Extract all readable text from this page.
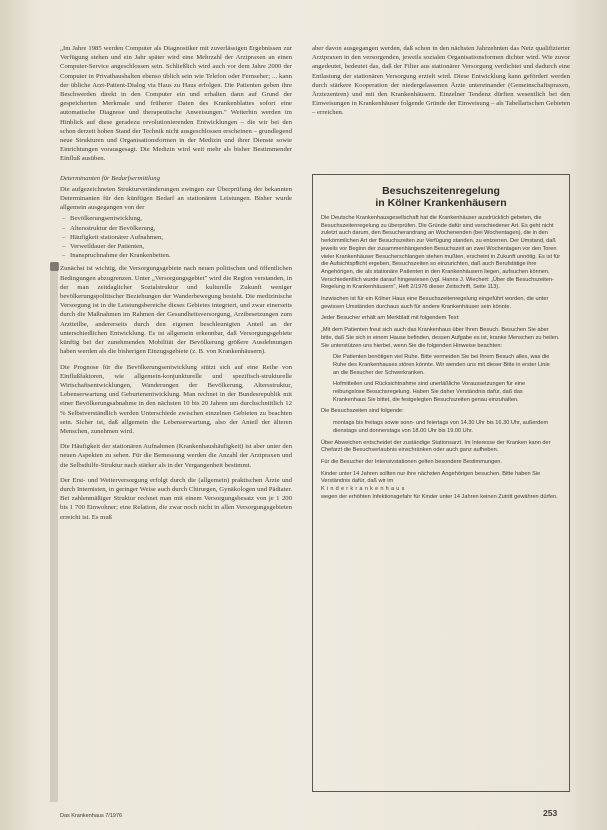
„Im Jahre 1985 werden Computer als Diagnostiker mit zuverlässigen Ergebnissen zur Verfügung stehen und ein Jahr später wird eine Mehrzahl der Arztpraxen an einen Computer-Service angeschlossen sein. Schließlich wird auch vor dem Jahre 2000 der Computer in Privathaushalten ebenso üblich sein wie Telefon oder Fernseher; ... kann der übliche Arzt-Patient-Dialog via Haus zu Haus erfolgen. Die Patienten geben ihre Beschwerden direkt in den Computer ein und erhalten dann auf Grund der gespeicherten Merkmale und früherer Daten des Krankenblattes sofort eine automatische Diagnose und therapeutische Anweisungen." Weiterhin werden im Hinblick auf diese geradezu revolutionierenden Entwicklungen – die wir bei den schon derzeit hohen Stand der Technik nicht ausgeschlossen erscheinen – grundlegend neue Strukturen und Organisationsformen in der Medizin und ihrer Dienste sowie Einrichtungen vorausgesagt. Die Medizin wird weit mehr als bisher Bestimmender Einfluß ausüben.

Determinanten für Bedarfsermittlung

Die aufgezeichneten Strukturveränderungen zwingen zur Überprüfung der bekannten Determinanten für den künftigen Bedarf an stationären Leistungen. Bisher wurde allgemein ausgegangen von der

– Bevölkerungsentwicklung,
– Altersstruktur der Bevölkerung,
– Häufigkeit stationärer Aufnahmen,
– Verweildauer der Patienten,
– Inanspruchnahme der Krankenbetten.

Zunächst ist wichtig, die Versorgungsgebiete nach neuen politischen und öffentlichen Bedingungen abzugrenzen. Unter „Versorgungsgebiet" wird die Region verstanden, in der man zeitdaglicher Sozialstruktur und kulturelle Zukunft weniger bevölkerungspolitischer Beziehungen der Wanderbewegung besteht. Die medizinische Versorgung ist in die Leistungsbereiche dieses Gebietes integriert, und zwar einerseits durch die Maßnahmen im Rahmen der Gesundheitsversorgung, Arztbesetzungen zum Arztteilbe, andererseits durch den eigenen beschleunigten Anteil an der unterschiedlichen Entwicklung. Es ist allgemein erkennbar, daß Versorgungsgebiete künftig bei der zunehmenden Mobilität der Bevölkerung größere Ausdehnungen haben werden als die bisherigen Einzugsgebiete (z. B. von Krankenhäusern).

Die Prognose für die Bevölkerungsentwicklung stützt sich auf eine Reihe von Einflußfaktoren, wie allgemein-konjunkturelle und spezifisch-strukturelle Wirtschaftsentwicklungen, Wanderungen der Bevölkerung, Altersstruktur, Lebenserwartung und Geburtenentwicklung. Man rechnet in der Bundesrepublik mit einer Bevölkerungsabnahme in den nächsten 10 bis 20 Jahren um durchschnittlich 12 % Selbstverständlich werden Unterschiede zwischen einzelnen Gebieten zu beachten sein. Sicher ist, daß allgemein die Lebenserwartung, also der Anteil der älteren Menschen, zunehmen wird.

Die Häufigkeit der stationären Aufnahmen (Krankenhaushäufigkeit) ist aber unter den neuen Aspekten zu sehen. Für die Bemessung werden die Anzahl der Arztpraxen und die Selbsthilfe-Struktur nach stärker als in der Vergangenheit bestimmt.

Der Erst- und Weiterversorgung erfolgt durch die (allgemein) praktischen Ärzte und durch Internisten, in geringer Weise auch durch Chirurgen, Gynäkologen und Pädiater. Bei zahlenmäßiger Struktur rechnet man mit einem Versorgungsbesatz von je 1 200 bis 1 700 Einwohner; eine Relation, die zwar noch nicht in allen Versorgungsgebieten erreicht ist. Es muß

aber davon ausgegangen werden, daß schon in den nächsten Jahrzehnten das Netz qualifizierter Arztpraxen in den versorgenden, jeweils sozialen Organisationsformen dichter wird. Wie zuvor angedeutet, bedeutet das, daß der Filter aus stationärer Versorgung verdichtet und dadurch eine Entlastung der stationären Versorgung erzielt wird. Diese Entwicklung kann gefördert werden durch stärkere Kooperation der niedergelassenen Ärzte untereinander (Gemeinschaftspraxen, Ärztezentren) und mit den Krankenhäusern. Einzelner Tendenz dürften wesentlich bei den Einweisungen in Krankenhäuser folgende Gründe der Einweisung – als Tabellarischen Gebieten – erreichen.

Besuchszeitenregelung
in Kölner Krankenhäusern

Die Deutsche Krankenhausgesellschaft hat die Krankenhäuser ausdrücklich gebeten, die Besuchszeitenregelung zu überprüfen. Die Gründe dafür sind verschiedener Art. Es geht nicht zuletzt auch darum, den Besucherandrang an Wochenenden (bei Wochentagen), die in den herkömmlichen Art der Besuchszeiten zur Verfügung standen, zu entzerren. Der Umstand, daß jeweils vor Beginn der zusammenhängenden Besuchszeit an zwei Wochentagen vor den Toren vieler Krankenhäuser Besucherschlangen stehen mußten, erscheint in Zukunft unnötig. Es ist für die Aufsichtspflicht ergeben, Besuchszeiten so einzurichten, daß auch Berufstätige ihre Angehörigen, die als stationäre Patienten in den Krankenhäusern liegen, aufsuchen können. Verschiedentlich wurde darauf hingewiesen (vgl. Hanns J. Wiechert: „Über die Besuchszeiten-Regelung in Krankenhäusern", Heft 2/1976 dieser Zeitschrift, Seite 113).

Inzwischen ist für ein Kölner Haus eine Besuchszeitenregelung eingeführt worden, die unter gewissen Umständen durchaus auch für andere Krankenhäuser sein könnte.

Jeder Besucher erhält am Merkblatt mit folgendem Text:

„Mit dem Patienten freut sich auch das Krankenhaus über Ihren Besuch. Besuchen Sie aber bitte, daß Sie sich in einem Hause befinden, dessen Aufgabe es ist, kranke Menschen zu heilen. Sie unterstützen uns hierbei, wenn Sie die folgenden Hinweise beachten:

Die Patienten benötigen viel Ruhe. Bitte vermeiden Sie bei Ihrem Besuch alles, was die Ruhe des Krankenhauses stören könnte. Wir wenden uns mit dieser Bitte in erster Linie an die Besucher der Schwerkranken.

Hofmitteilen und Rücksichtnahme sind unerläßliche Voraussetzungen für eine reibungslose Besuchsregelung. Haben Sie daher Verständnis dafür, daß das Krankenhaus Sie bittet, die festgelegten Besuchszeiten genau einzuhalten.

Die Besuchszeiten sind folgende:

montags bis freitags sowie sonn- und feiertags von 14.30 Uhr bis 16.30 Uhr, außerdem dienstags und donnerstags von 18.00 Uhr bis 19.00 Uhr.

Über Abweichen entscheidet der zuständige Stationsarzt. Im Interesse der Kranken kann der Chefarzt die Besuchserlaubnis einschränken oder auch ganz aufheben.

Für die Besucher der Intensivstationen gelten besondere Bestimmungen.

Kinder unter 14 Jahren sollten nur ihre nächsten Angehörigen besuchen. Bitte haben Sie Verständnis dafür, daß wir im

Kinderkrankenhaus

wegen der erhöhten Infektionsgefahr für Kinder unter 14 Jahren keinen Zutritt gewähren dürfen.

Das Krankenhaus 7/1976	253
